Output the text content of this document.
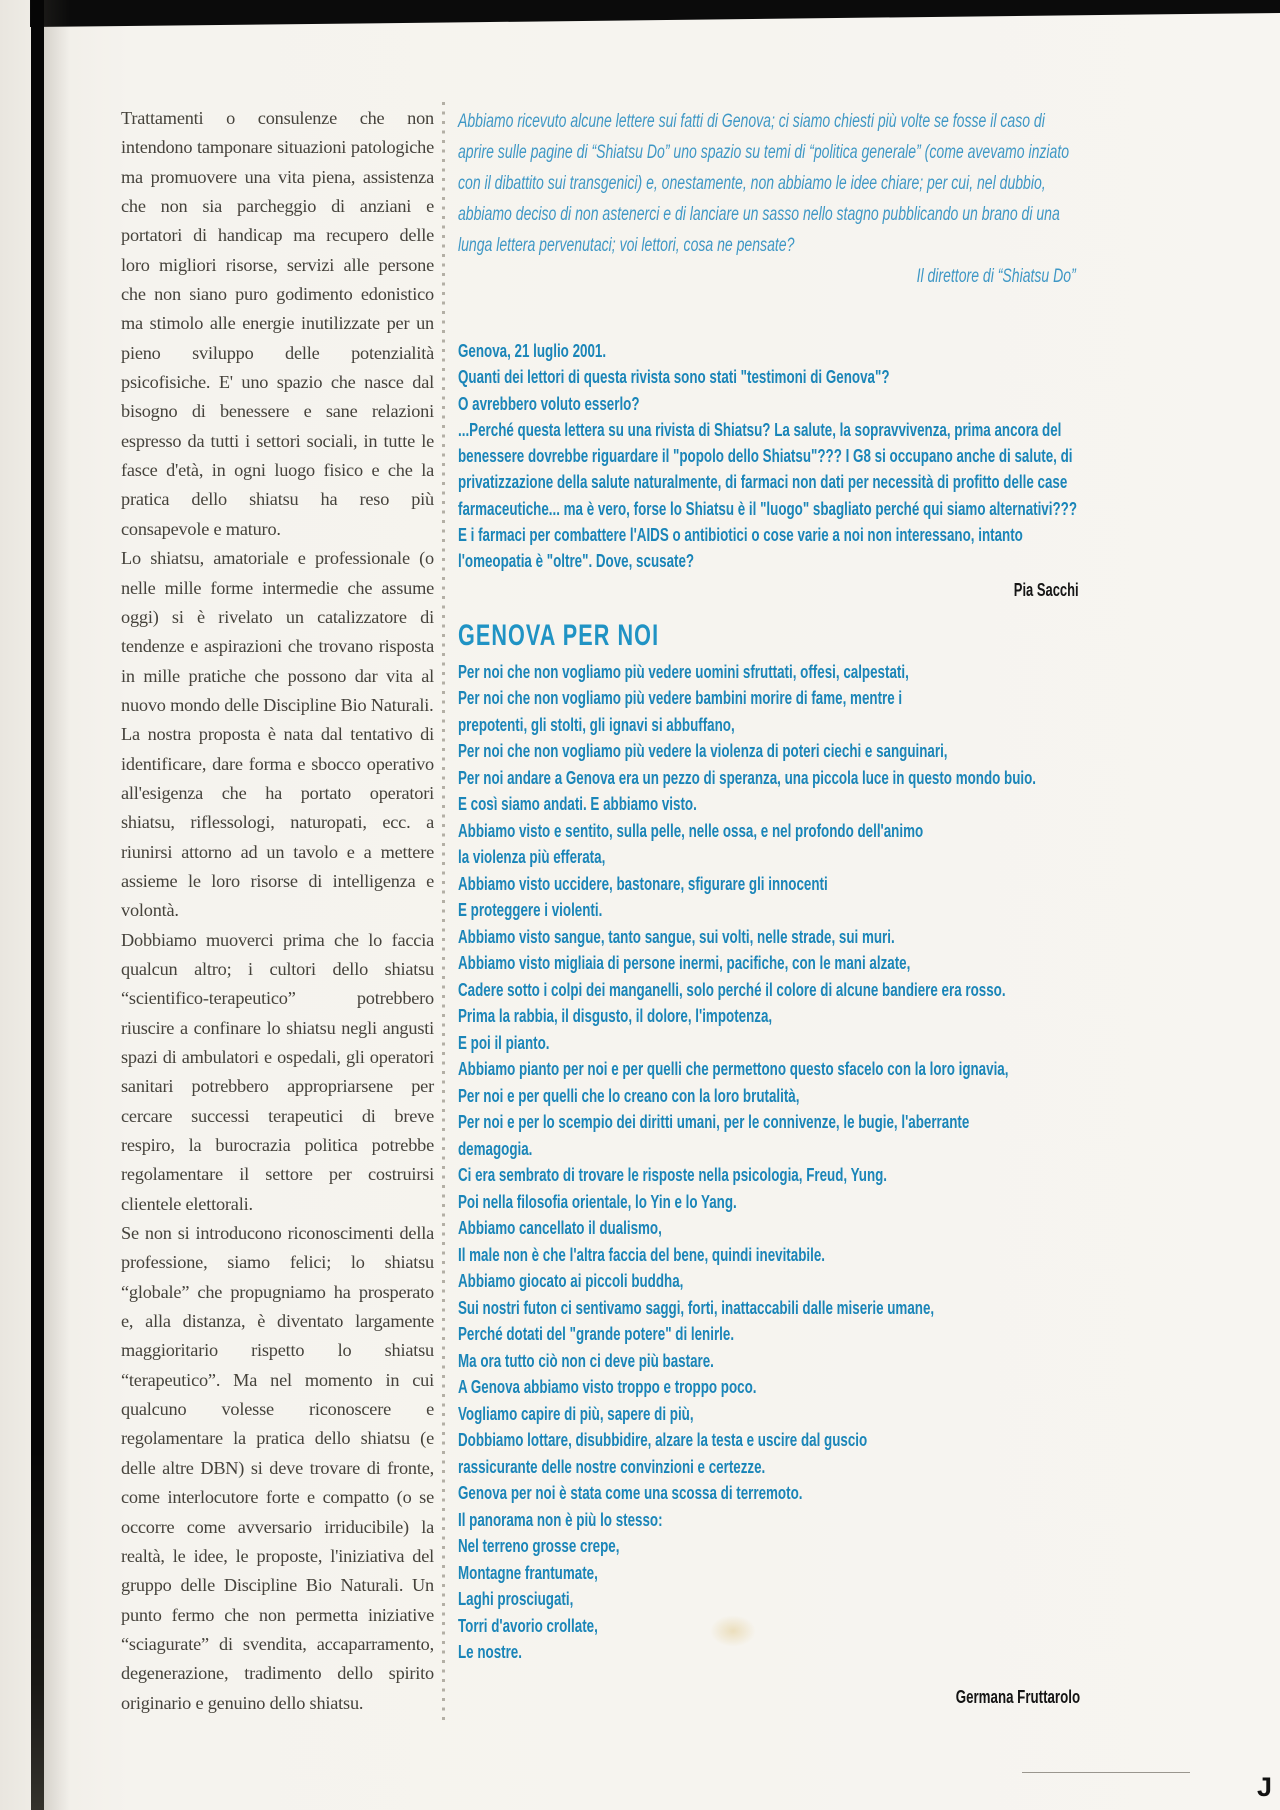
Trattamenti o consulenze che non intendono tamponare situazioni patologiche ma promuovere una vita piena, assistenza che non sia parcheggio di anziani e portatori di handicap ma recupero delle loro migliori risorse, servizi alle persone che non siano puro godimento edonistico ma stimolo alle energie inutilizzate per un pieno sviluppo delle potenzialità psicofisiche. E' uno spazio che nasce dal bisogno di benessere e sane relazioni espresso da tutti i settori sociali, in tutte le fasce d'età, in ogni luogo fisico e che la pratica dello shiatsu ha reso più consapevole e maturo.

Lo shiatsu, amatoriale e professionale (o nelle mille forme intermedie che assume oggi) si è rivelato un catalizzatore di tendenze e aspirazioni che trovano risposta in mille pratiche che possono dar vita al nuovo mondo delle Discipline Bio Naturali.

La nostra proposta è nata dal tentativo di identificare, dare forma e sbocco operativo all'esigenza che ha portato operatori shiatsu, riflessologi, naturopati, ecc. a riunirsi attorno ad un tavolo e a mettere assieme le loro risorse di intelligenza e volontà.

Dobbiamo muoverci prima che lo faccia qualcun altro; i cultori dello shiatsu “scientifico-terapeutico” potrebbero riuscire a confinare lo shiatsu negli angusti spazi di ambulatori e ospedali, gli operatori sanitari potrebbero appropriarsene per cercare successi terapeutici di breve respiro, la burocrazia politica potrebbe regolamentare il settore per costruirsi clientele elettorali.

Se non si introducono riconoscimenti della professione, siamo felici; lo shiatsu “globale” che propugniamo ha prosperato e, alla distanza, è diventato largamente maggioritario rispetto lo shiatsu “terapeutico”. Ma nel momento in cui qualcuno volesse riconoscere e regolamentare la pratica dello shiatsu (e delle altre DBN) si deve trovare di fronte, come interlocutore forte e compatto (o se occorre come avversario irriducibile) la realtà, le idee, le proposte, l'iniziativa del gruppo delle Discipline Bio Naturali. Un punto fermo che non permetta iniziative “sciagurate” di svendita, accaparramento, degenerazione, tradimento dello spirito originario e genuino dello shiatsu.

Abbiamo ricevuto alcune lettere sui fatti di Genova; ci siamo chiesti più volte se fosse il caso di aprire sulle pagine di “Shiatsu Do” uno spazio su temi di “politica generale” (come avevamo inziato con il dibattito sui transgenici) e, onestamente, non abbiamo le idee chiare; per cui, nel dubbio, abbiamo deciso di non astenerci e di lanciare un sasso nello stagno pubblicando un brano di una lunga lettera pervenutaci; voi lettori, cosa ne pensate?

Il direttore di “Shiatsu Do”

Genova, 21 luglio 2001.

Quanti dei lettori di questa rivista sono stati "testimoni di Genova"?

O avrebbero voluto esserlo?

...Perché questa lettera su una rivista di Shiatsu? La salute, la sopravvivenza, prima ancora del benessere dovrebbe riguardare il "popolo dello Shiatsu"??? I G8 si occupano anche di salute, di privatizzazione della salute naturalmente, di farmaci non dati per necessità di profitto delle case farmaceutiche... ma è vero, forse lo Shiatsu è il "luogo" sbagliato perché qui siamo alternativi??? E i farmaci per combattere l'AIDS o antibiotici o cose varie a noi non interessano, intanto l'omeopatia è "oltre". Dove, scusate?

Pia Sacchi

GENOVA PER NOI
Per noi che non vogliamo più vedere uomini sfruttati, offesi, calpestati,
Per noi che non vogliamo più vedere bambini morire di fame, mentre i
prepotenti, gli stolti, gli ignavi si abbuffano,
Per noi che non vogliamo più vedere la violenza di poteri ciechi e sanguinari,
Per noi andare a Genova era un pezzo di speranza, una piccola luce in questo mondo buio.
E così siamo andati. E abbiamo visto.
Abbiamo visto e sentito, sulla pelle, nelle ossa, e nel profondo dell'animo
la violenza più efferata,
Abbiamo visto uccidere, bastonare, sfigurare gli innocenti
E proteggere i violenti.
Abbiamo visto sangue, tanto sangue, sui volti, nelle strade, sui muri.
Abbiamo visto migliaia di persone inermi, pacifiche, con le mani alzate,
Cadere sotto i colpi dei manganelli, solo perché il colore di alcune bandiere era rosso.
Prima la rabbia, il disgusto, il dolore, l'impotenza,
E poi il pianto.
Abbiamo pianto per noi e per quelli che permettono questo sfacelo con la loro ignavia,
Per noi e per quelli che lo creano con la loro brutalità,
Per noi e per lo scempio dei diritti umani, per le connivenze, le bugie, l'aberrante
demagogia.
Ci era sembrato di trovare le risposte nella psicologia, Freud, Yung.
Poi nella filosofia orientale, lo Yin e lo Yang.
Abbiamo cancellato il dualismo,
Il male non è che l'altra faccia del bene, quindi inevitabile.
Abbiamo giocato ai piccoli buddha,
Sui nostri futon ci sentivamo saggi, forti, inattaccabili dalle miserie umane,
Perché dotati del "grande potere" di lenirle.
Ma ora tutto ciò non ci deve più bastare.
A Genova abbiamo visto troppo e troppo poco.
Vogliamo capire di più, sapere di più,
Dobbiamo lottare, disubbidire, alzare la testa e uscire dal guscio
rassicurante delle nostre convinzioni e certezze.
Genova per noi è stata come una scossa di terremoto.
Il panorama non è più lo stesso:
Nel terreno grosse crepe,
Montagne frantumate,
Laghi prosciugati,
Torri d'avorio crollate,
Le nostre.

Germana Fruttarolo

J
